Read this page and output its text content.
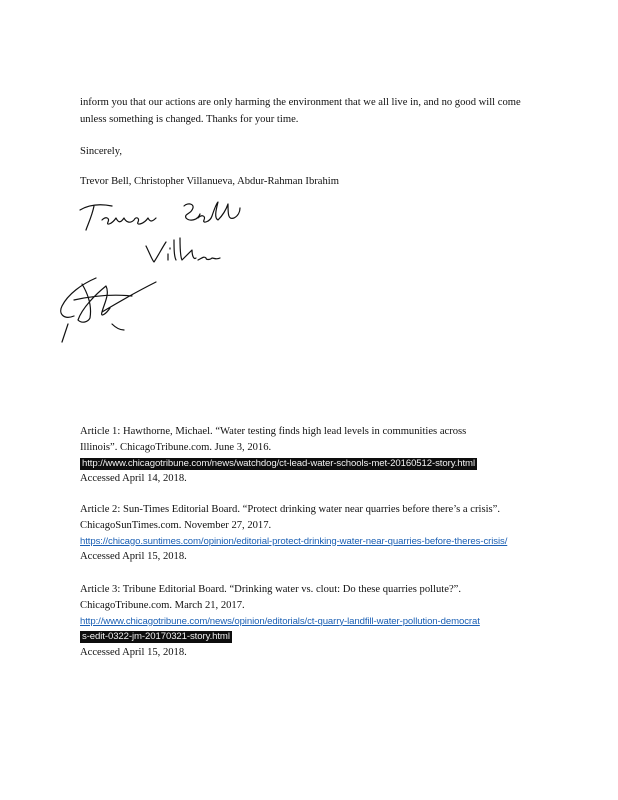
inform you that our actions are only harming the environment that we all live in, and no good will come unless something is changed. Thanks for your time.

Sincerely,

Trevor Bell, Christopher Villanueva, Abdur-Rahman Ibrahim

Article 1: Hawthorne, Michael. “Water testing finds high lead levels in communities across
Illinois”. ChicagoTribune.com. June 3, 2016.
http://www.chicagotribune.com/news/watchdog/ct-lead-water-schools-met-20160512-story.html
Accessed April 14, 2018.
Article 2: Sun-Times Editorial Board. “Protect drinking water near quarries before there’s a crisis”.
ChicagoSunTimes.com. November 27, 2017.
https://chicago.suntimes.com/opinion/editorial-protect-drinking-water-near-quarries-before-theres-crisis/
Accessed April 15, 2018.
Article 3: Tribune Editorial Board. “Drinking water vs. clout: Do these quarries pollute?”.
ChicagoTribune.com. March 21, 2017.
http://www.chicagotribune.com/news/opinion/editorials/ct-quarry-landfill-water-pollution-democrat
s-edit-0322-jm-20170321-story.html
Accessed April 15, 2018.
